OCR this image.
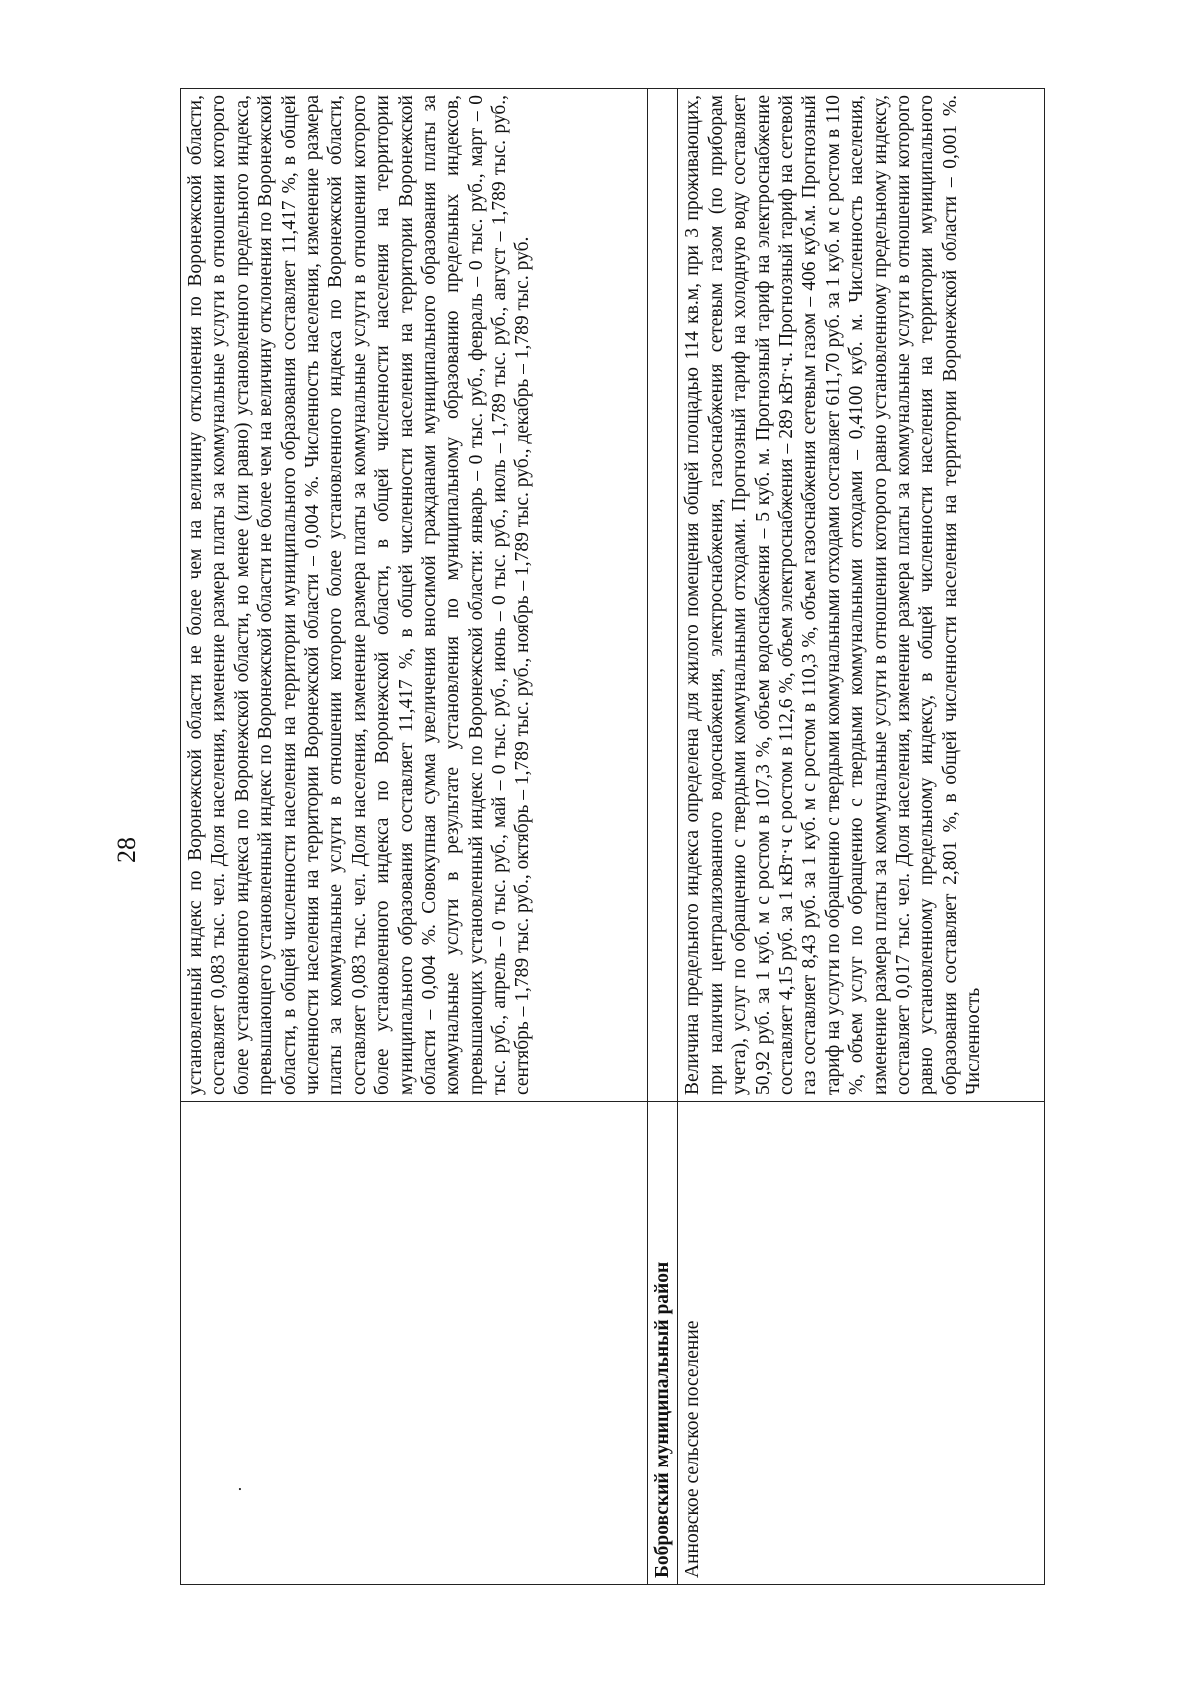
28
·	установленный индекс по Воронежской области не более чем на величину отклонения по Воронежской области, составляет 0,083 тыс. чел. Доля населения, изменение размера платы за коммунальные услуги в отношении которого более установленного индекса по Воронежской области, но менее (или равно) установленного предельного индекса, превышающего установленный индекс по Воронежской области не более чем на величину отклонения по Воронежской области, в общей численности населения на территории муниципального образования составляет 11,417 %, в общей численности населения на территории Воронежской области – 0,004 %. Численность населения, изменение размера платы за коммунальные услуги в отношении которого более установленного индекса по Воронежской области, составляет 0,083 тыс. чел. Доля населения, изменение размера платы за коммунальные услуги в отношении которого более установленного индекса по Воронежской области, в общей численности населения на территории муниципального образования составляет 11,417 %, в общей численности населения на территории Воронежской области – 0,004 %. Совокупная сумма увеличения вносимой гражданами муниципального образования платы за коммунальные услуги в результате установления по муниципальному образованию предельных индексов, превышающих установленный индекс по Воронежской области: январь – 0 тыс. руб., февраль – 0 тыс. руб., март – 0 тыс. руб., апрель – 0 тыс. руб., май – 0 тыс. руб., июнь – 0 тыс. руб., июль – 1,789 тыс. руб., август – 1,789 тыс. руб., сентябрь – 1,789 тыс. руб., октябрь – 1,789 тыс. руб., ноябрь – 1,789 тыс. руб., декабрь – 1,789 тыс. руб.
Бобровский муниципальный район	
Анновское сельское поселение	Величина предельного индекса определена для жилого помещения общей площадью 114 кв.м, при 3 проживающих, при наличии централизованного водоснабжения, электроснабжения, газоснабжения сетевым газом (по приборам учета), услуг по обращению с твердыми коммунальными отходами. Прогнозный тариф на холодную воду составляет 50,92 руб. за 1 куб. м с ростом в 107,3 %, объем водоснабжения – 5 куб. м. Прогнозный тариф на электроснабжение составляет 4,15 руб. за 1 кВт·ч с ростом в 112,6 %, объем электроснабжения – 289 кВт·ч. Прогнозный тариф на сетевой газ составляет 8,43 руб. за 1 куб. м с ростом в 110,3 %, объем газоснабжения сетевым газом – 406 куб.м. Прогнозный тариф на услуги по обращению с твердыми коммунальными отходами составляет 611,70 руб. за 1 куб. м с ростом в 110 %, объем услуг по обращению с твердыми коммунальными отходами – 0,4100 куб. м. Численность населения, изменение размера платы за коммунальные услуги в отношении которого равно установленному предельному индексу, составляет 0,017 тыс. чел. Доля населения, изменение размера платы за коммунальные услуги в отношении которого равно установленному предельному индексу, в общей численности населения на территории муниципального образования составляет 2,801 %, в общей численности населения на территории Воронежской области – 0,001 %. Численность
